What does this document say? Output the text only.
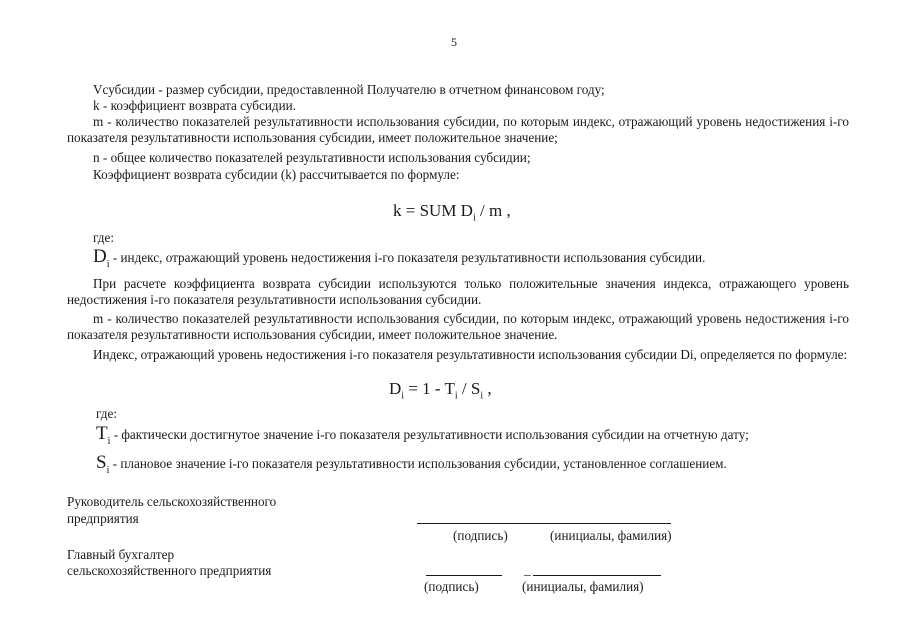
5
Vсубсидии - размер субсидии, предоставленной Получателю в отчетном финансовом году;
k - коэффициент возврата субсидии.
m - количество показателей результативности использования субсидии, по которым индекс, отражающий уровень недостижения i-го показателя результативности использования субсидии, имеет положительное значение;
n - общее количество показателей результативности использования субсидии;
Коэффициент возврата субсидии (k) рассчитывается по формуле:
k = SUM $D_i$ / m ,
где:
$D_i$ - индекс, отражающий уровень недостижения i-го показателя результативности использования субсидии.
При расчете коэффициента возврата субсидии используются только положительные значения индекса, отражающего уровень недостижения i-го показателя результативности использования субсидии.
m - количество показателей результативности использования субсидии, по которым индекс, отражающий уровень недостижения i-го показателя результативности использования субсидии, имеет положительное значение.
Индекс, отражающий уровень недостижения i-го показателя результативности использования субсидии Di, определяется по формуле:
$D_i = 1 - T_i / S_i$ ,
где:
$T_i$ - фактически достигнутое значение i-го показателя результативности использования субсидии на отчетную дату;
$S_i$ - плановое значение i-го показателя результативности использования субсидии, установленное соглашением.
Руководитель сельскохозяйственного
предприятия
(подпись)	(инициалы, фамилия)
Главный бухгалтер
сельскохозяйственного предприятия	_
(подпись)	(инициалы, фамилия)
